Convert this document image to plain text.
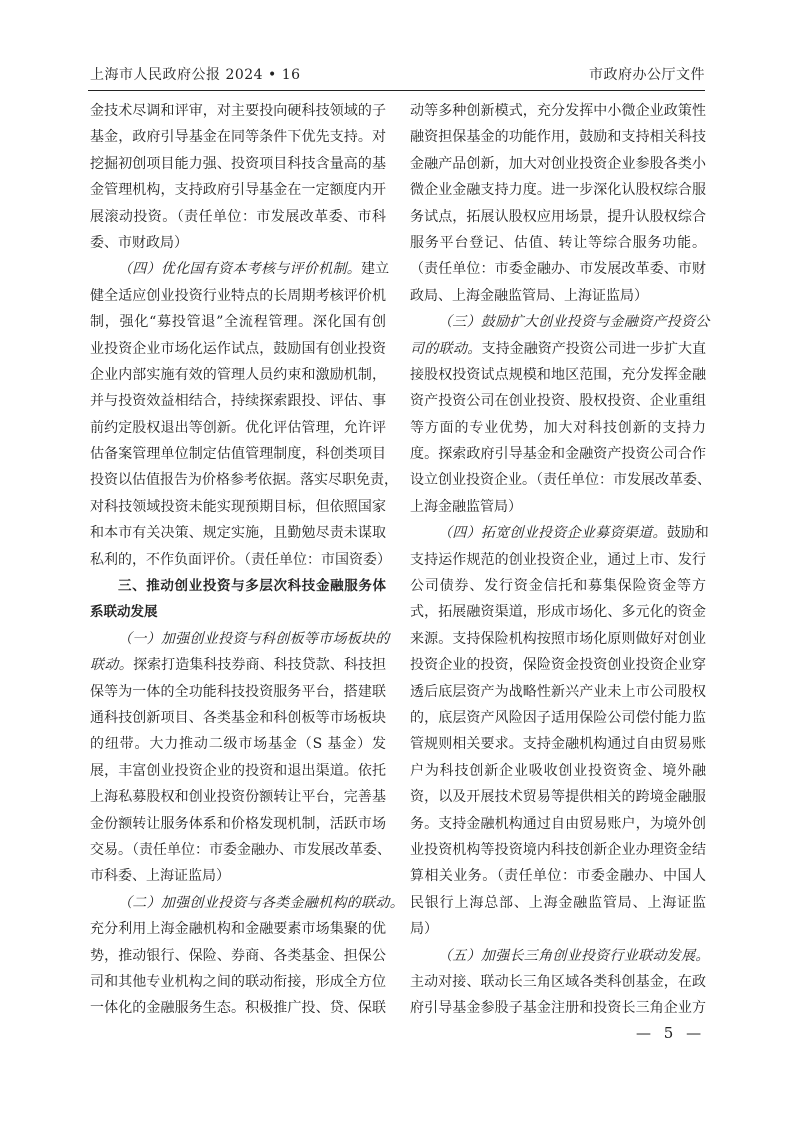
上海市人民政府公报 2024 • 16	市政府办公厅文件
金技术尽调和评审，对主要投向硬科技领域的子
基金，政府引导基金在同等条件下优先支持。对
挖掘初创项目能力强、投资项目科技含量高的基
金管理机构，支持政府引导基金在一定额度内开
展滚动投资。（责任单位：市发展改革委、市科
委、市财政局）
（四）优化国有资本考核与评价机制。建立
健全适应创业投资行业特点的长周期考核评价机
制，强化“募投管退”全流程管理。深化国有创
业投资企业市场化运作试点，鼓励国有创业投资
企业内部实施有效的管理人员约束和激励机制，
并与投资效益相结合，持续探索跟投、评估、事
前约定股权退出等创新。优化评估管理，允许评
估备案管理单位制定估值管理制度，科创类项目
投资以估值报告为价格参考依据。落实尽职免责，
对科技领域投资未能实现预期目标，但依照国家
和本市有关决策、规定实施，且勤勉尽责未谋取
私利的，不作负面评价。（责任单位：市国资委）
三、推动创业投资与多层次科技金融服务体
系联动发展
（一）加强创业投资与科创板等市场板块的
联动。探索打造集科技券商、科技贷款、科技担
保等为一体的全功能科技投资服务平台，搭建联
通科技创新项目、各类基金和科创板等市场板块
的纽带。大力推动二级市场基金（S 基金）发
展，丰富创业投资企业的投资和退出渠道。依托
上海私募股权和创业投资份额转让平台，完善基
金份额转让服务体系和价格发现机制，活跃市场
交易。（责任单位：市委金融办、市发展改革委、
市科委、上海证监局）
（二）加强创业投资与各类金融机构的联动。
充分利用上海金融机构和金融要素市场集聚的优
势，推动银行、保险、券商、各类基金、担保公
司和其他专业机构之间的联动衔接，形成全方位
一体化的金融服务生态。积极推广投、贷、保联
动等多种创新模式，充分发挥中小微企业政策性
融资担保基金的功能作用，鼓励和支持相关科技
金融产品创新，加大对创业投资企业参股各类小
微企业金融支持力度。进一步深化认股权综合服
务试点，拓展认股权应用场景，提升认股权综合
服务平台登记、估值、转让等综合服务功能。
（责任单位：市委金融办、市发展改革委、市财
政局、上海金融监管局、上海证监局）
（三）鼓励扩大创业投资与金融资产投资公
司的联动。支持金融资产投资公司进一步扩大直
接股权投资试点规模和地区范围，充分发挥金融
资产投资公司在创业投资、股权投资、企业重组
等方面的专业优势，加大对科技创新的支持力
度。探索政府引导基金和金融资产投资公司合作
设立创业投资企业。（责任单位：市发展改革委、
上海金融监管局）
（四）拓宽创业投资企业募资渠道。鼓励和
支持运作规范的创业投资企业，通过上市、发行
公司债券、发行资金信托和募集保险资金等方
式，拓展融资渠道，形成市场化、多元化的资金
来源。支持保险机构按照市场化原则做好对创业
投资企业的投资，保险资金投资创业投资企业穿
透后底层资产为战略性新兴产业未上市公司股权
的，底层资产风险因子适用保险公司偿付能力监
管规则相关要求。支持金融机构通过自由贸易账
户为科技创新企业吸收创业投资资金、境外融
资，以及开展技术贸易等提供相关的跨境金融服
务。支持金融机构通过自由贸易账户，为境外创
业投资机构等投资境内科技创新企业办理资金结
算相关业务。（责任单位：市委金融办、中国人
民银行上海总部、上海金融监管局、上海证监
局）
（五）加强长三角创业投资行业联动发展。
主动对接、联动长三角区域各类科创基金，在政
府引导基金参股子基金注册和投资长三角企业方
— 5 —
